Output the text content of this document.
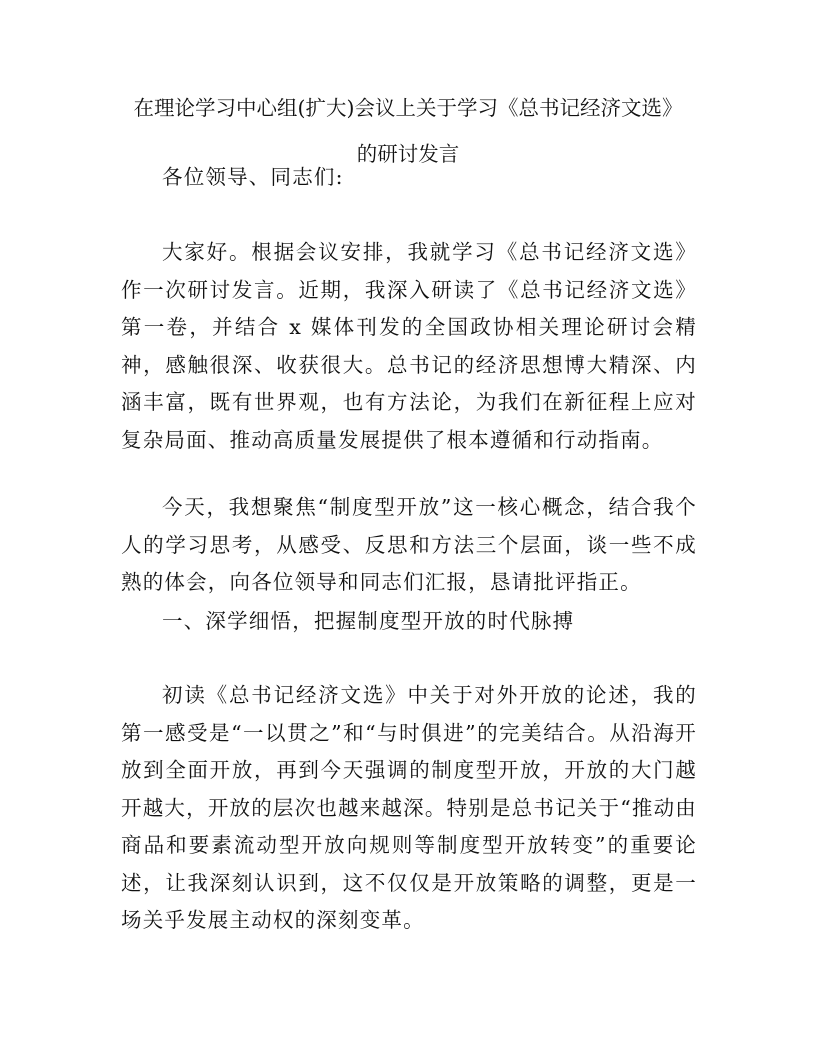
在理论学习中心组(扩大)会议上关于学习《总书记经济文选》
的研讨发言

各位领导、同志们:

大家好。根据会议安排，我就学习《总书记经济文选》作一次研讨发言。近期，我深入研读了《总书记经济文选》第一卷，并结合 x 媒体刊发的全国政协相关理论研讨会精神，感触很深、收获很大。总书记的经济思想博大精深、内涵丰富，既有世界观，也有方法论，为我们在新征程上应对复杂局面、推动高质量发展提供了根本遵循和行动指南。

今天，我想聚焦“制度型开放”这一核心概念，结合我个人的学习思考，从感受、反思和方法三个层面，谈一些不成熟的体会，向各位领导和同志们汇报，恳请批评指正。

一、深学细悟，把握制度型开放的时代脉搏

初读《总书记经济文选》中关于对外开放的论述，我的第一感受是“一以贯之”和“与时俱进”的完美结合。从沿海开放到全面开放，再到今天强调的制度型开放，开放的大门越开越大，开放的层次也越来越深。特别是总书记关于“推动由商品和要素流动型开放向规则等制度型开放转变”的重要论述，让我深刻认识到，这不仅仅是开放策略的调整，更是一场关乎发展主动权的深刻变革。
